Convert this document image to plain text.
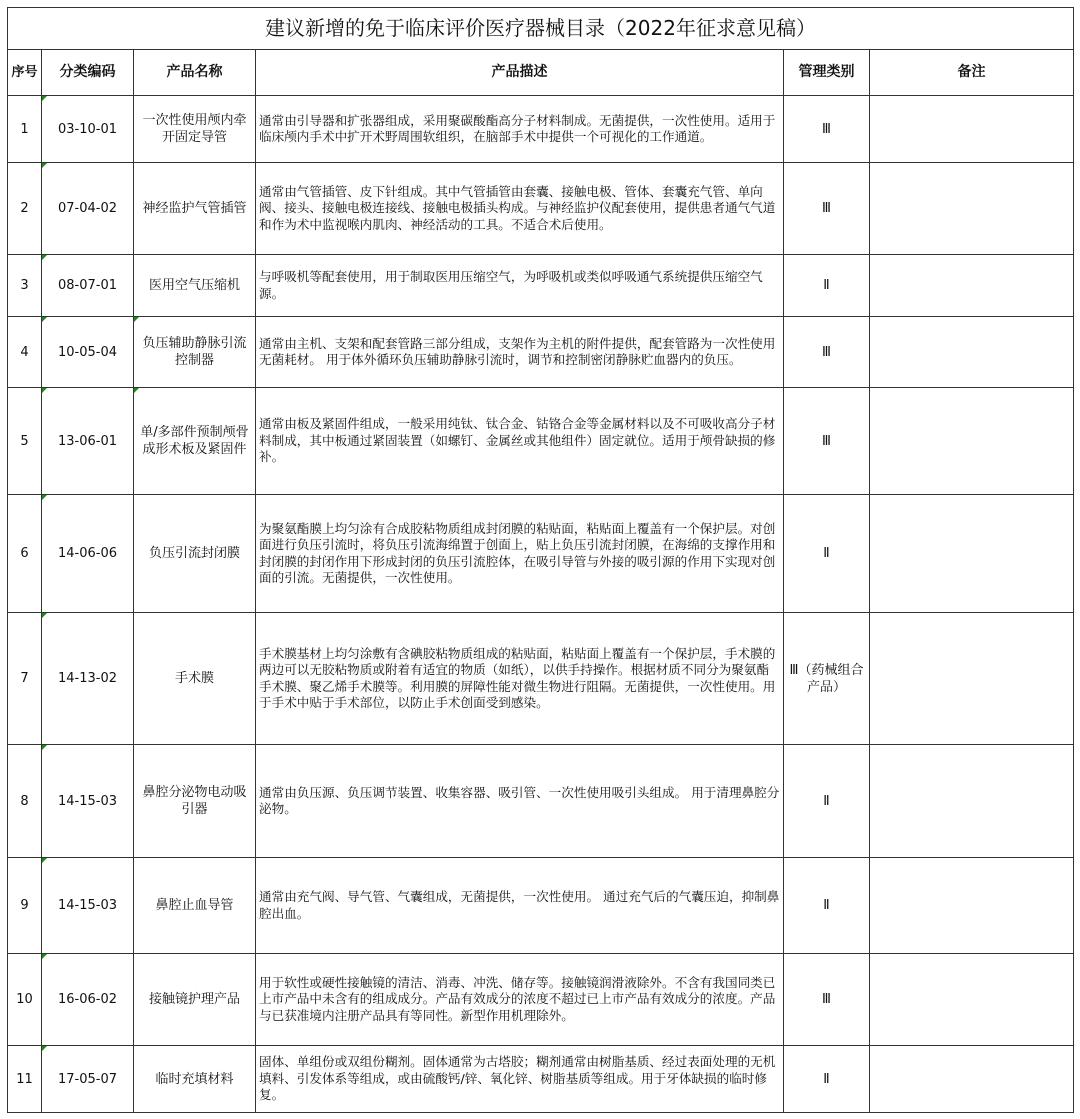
建议新增的免于临床评价医疗器械目录（2022年征求意见稿）					
序号	分类编码	产品名称	产品描述	管理类别	备注
1	03-10-01	一次性使用颅内牵开固定导管	通常由引导器和扩张器组成，采用聚碳酸酯高分子材料制成。无菌提供，一次性使用。适用于临床颅内手术中扩开术野周围软组织，在脑部手术中提供一个可视化的工作通道。	Ⅲ	
2	07-04-02	神经监护气管插管	通常由气管插管、皮下针组成。其中气管插管由套囊、接触电极、管体、套囊充气管、单向阀、接头、接触电极连接线、接触电极插头构成。与神经监护仪配套使用，提供患者通气气道和作为术中监视喉内肌肉、神经活动的工具。不适合术后使用。	Ⅲ	
3	08-07-01	医用空气压缩机	与呼吸机等配套使用，用于制取医用压缩空气，为呼吸机或类似呼吸通气系统提供压缩空气源。	Ⅱ	
4	10-05-04	负压辅助静脉引流控制器	通常由主机、支架和配套管路三部分组成，支架作为主机的附件提供，配套管路为一次性使用无菌耗材。 用于体外循环负压辅助静脉引流时，调节和控制密闭静脉贮血器内的负压。	Ⅲ	
5	13-06-01	单/多部件预制颅骨成形术板及紧固件	通常由板及紧固件组成，一般采用纯钛、钛合金、钴铬合金等金属材料以及不可吸收高分子材料制成，其中板通过紧固装置（如螺钉、金属丝或其他组件）固定就位。适用于颅骨缺损的修补。	Ⅲ	
6	14-06-06	负压引流封闭膜	为聚氨酯膜上均匀涂有合成胶粘物质组成封闭膜的粘贴面，粘贴面上覆盖有一个保护层。对创面进行负压引流时，将负压引流海绵置于创面上，贴上负压引流封闭膜，在海绵的支撑作用和封闭膜的封闭作用下形成封闭的负压引流腔体，在吸引导管与外接的吸引源的作用下实现对创面的引流。无菌提供，一次性使用。	Ⅱ	
7	14-13-02	手术膜	手术膜基材上均匀涂敷有含碘胶粘物质组成的粘贴面，粘贴面上覆盖有一个保护层，手术膜的两边可以无胶粘物质或附着有适宜的物质（如纸），以供手持操作。根据材质不同分为聚氨酯手术膜、聚乙烯手术膜等。利用膜的屏障性能对微生物进行阻隔。无菌提供，一次性使用。用于手术中贴于手术部位，以防止手术创面受到感染。	Ⅲ（药械组合产品）	
8	14-15-03	鼻腔分泌物电动吸引器	通常由负压源、负压调节装置、收集容器、吸引管、一次性使用吸引头组成。 用于清理鼻腔分泌物。	Ⅱ	
9	14-15-03	鼻腔止血导管	通常由充气阀、导气管、气囊组成，无菌提供，一次性使用。 通过充气后的气囊压迫，抑制鼻腔出血。	Ⅱ	
10	16-06-02	接触镜护理产品	用于软性或硬性接触镜的清洁、消毒、冲洗、储存等。接触镜润滑液除外。不含有我国同类已上市产品中未含有的组成成分。产品有效成分的浓度不超过已上市产品有效成分的浓度。产品与已获准境内注册产品具有等同性。新型作用机理除外。	Ⅲ	
11	17-05-07	临时充填材料	固体、单组份或双组份糊剂。固体通常为古塔胶；糊剂通常由树脂基质、经过表面处理的无机填料、引发体系等组成，或由硫酸钙/锌、氧化锌、树脂基质等组成。用于牙体缺损的临时修复。	Ⅱ	
